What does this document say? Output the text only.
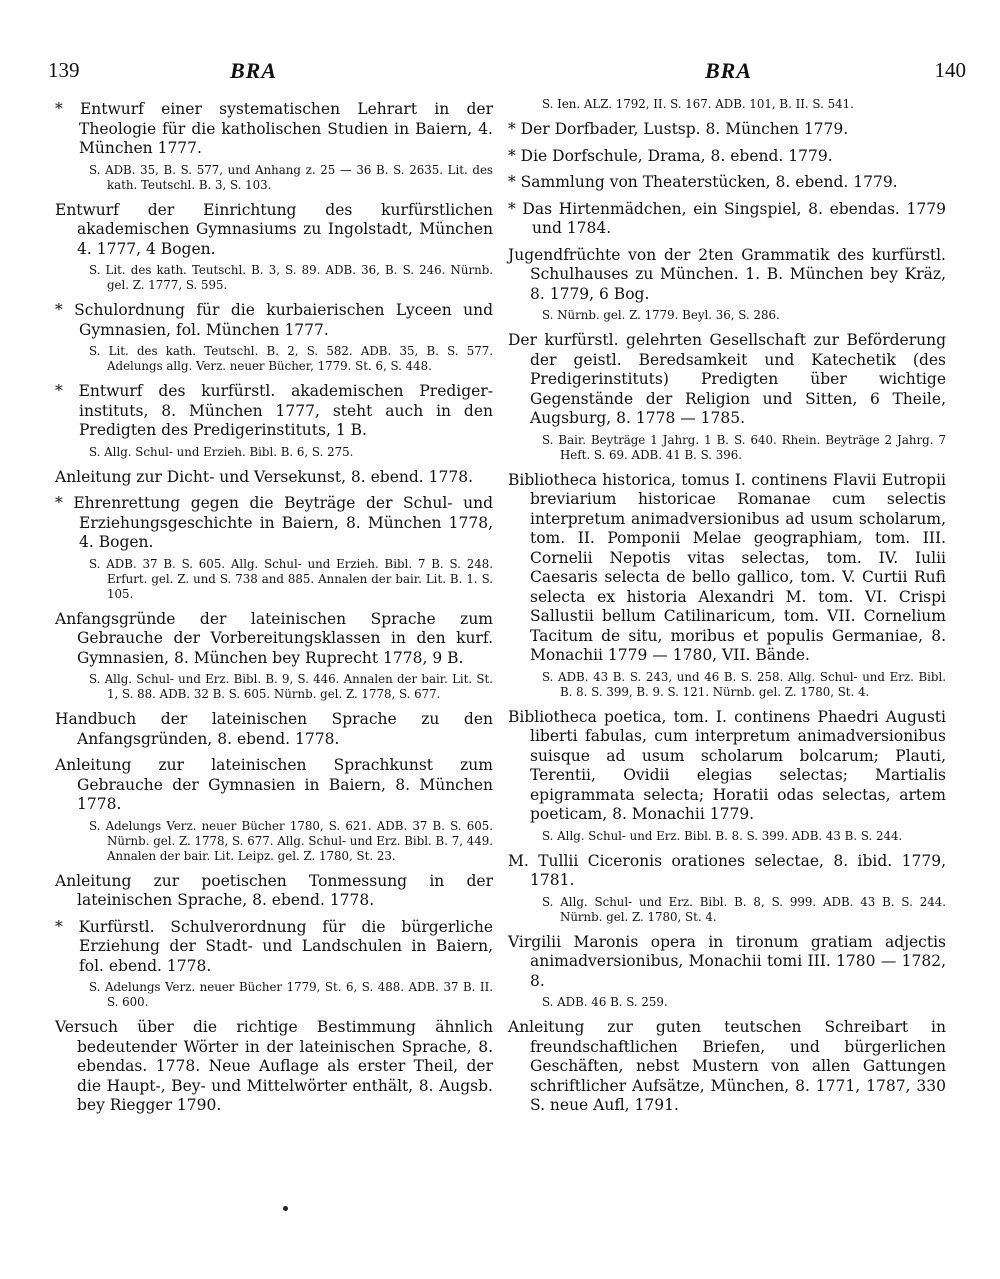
139	BRA	BRA	140

* Entwurf einer systematischen Lehrart in der Theologie für die katholischen Studien in Baiern, 4. München 1777.

S. ADB. 35, B. S. 577, und Anhang z. 25 — 36 B. S. 2635. Lit. des kath. Teutschl. B. 3, S. 103.

Entwurf der Einrichtung des kurfürstlichen akademischen Gymnasiums zu Ingolstadt, München 4. 1777, 4 Bogen.

S. Lit. des kath. Teutschl. B. 3, S. 89. ADB. 36, B. S. 246. Nürnb. gel. Z. 1777, S. 595.

* Schulordnung für die kurbaierischen Lyceen und Gymnasien, fol. München 1777.

S. Lit. des kath. Teutschl. B. 2, S. 582. ADB. 35, B. S. 577. Adelungs allg. Verz. neuer Bücher, 1779. St. 6, S. 448.

* Entwurf des kurfürstl. akademischen Prediger-instituts, 8. München 1777, steht auch in den Predigten des Predigerinstituts, 1 B.

S. Allg. Schul- und Erzieh. Bibl. B. 6, S. 275.

Anleitung zur Dicht- und Versekunst, 8. ebend. 1778.

* Ehrenrettung gegen die Beyträge der Schul- und Erziehungsgeschichte in Baiern, 8. München 1778, 4. Bogen.

S. ADB. 37 B. S. 605. Allg. Schul- und Erzieh. Bibl. 7 B. S. 248. Erfurt. gel. Z. und S. 738 and 885. Annalen der bair. Lit. B. 1. S. 105.

Anfangsgründe der lateinischen Sprache zum Gebrauche der Vorbereitungsklassen in den kurf. Gymnasien, 8. München bey Ruprecht 1778, 9 B.

S. Allg. Schul- und Erz. Bibl. B. 9, S. 446. Annalen der bair. Lit. St. 1, S. 88. ADB. 32 B. S. 605. Nürnb. gel. Z. 1778, S. 677.

Handbuch der lateinischen Sprache zu den Anfangsgründen, 8. ebend. 1778.

Anleitung zur lateinischen Sprachkunst zum Gebrauche der Gymnasien in Baiern, 8. München 1778.

S. Adelungs Verz. neuer Bücher 1780, S. 621. ADB. 37 B. S. 605. Nürnb. gel. Z. 1778, S. 677. Allg. Schul- und Erz. Bibl. B. 7, 449. Annalen der bair. Lit. Leipz. gel. Z. 1780, St. 23.

Anleitung zur poetischen Tonmessung in der lateinischen Sprache, 8. ebend. 1778.

* Kurfürstl. Schulverordnung für die bürgerliche Erziehung der Stadt- und Landschulen in Baiern, fol. ebend. 1778.

S. Adelungs Verz. neuer Bücher 1779, St. 6, S. 488. ADB. 37 B. II. S. 600.

Versuch über die richtige Bestimmung ähnlich bedeutender Wörter in der lateinischen Sprache, 8. ebendas. 1778. Neue Auflage als erster Theil, der die Haupt-, Bey- und Mittelwörter enthält, 8. Augsb. bey Riegger 1790.

S. Ien. ALZ. 1792, II. S. 167. ADB. 101, B. II. S. 541.

* Der Dorfbader, Lustsp. 8. München 1779.

* Die Dorfschule, Drama, 8. ebend. 1779.

* Sammlung von Theaterstücken, 8. ebend. 1779.

* Das Hirtenmädchen, ein Singspiel, 8. ebendas. 1779 und 1784.

Jugendfrüchte von der 2ten Grammatik des kurfürstl. Schulhauses zu München. 1. B. München bey Kräz, 8. 1779, 6 Bog.

S. Nürnb. gel. Z. 1779. Beyl. 36, S. 286.

Der kurfürstl. gelehrten Gesellschaft zur Beförderung der geistl. Beredsamkeit und Katechetik (des Predigerinstituts) Predigten über wichtige Gegenstände der Religion und Sitten, 6 Theile, Augsburg, 8. 1778 — 1785.

S. Bair. Beyträge 1 Jahrg. 1 B. S. 640. Rhein. Beyträge 2 Jahrg. 7 Heft. S. 69. ADB. 41 B. S. 396.

Bibliotheca historica, tomus I. continens Flavii Eutropii breviarium historicae Romanae cum selectis interpretum animadversionibus ad usum scholarum, tom. II. Pomponii Melae geographiam, tom. III. Cornelii Nepotis vitas selectas, tom. IV. Iulii Caesaris selecta de bello gallico, tom. V. Curtii Rufi selecta ex historia Alexandri M. tom. VI. Crispi Sallustii bellum Catilinaricum, tom. VII. Cornelium Tacitum de situ, moribus et populis Germaniae, 8. Monachii 1779 — 1780, VII. Bände.

S. ADB. 43 B. S. 243, und 46 B. S. 258. Allg. Schul- und Erz. Bibl. B. 8. S. 399, B. 9. S. 121. Nürnb. gel. Z. 1780, St. 4.

Bibliotheca poetica, tom. I. continens Phaedri Augusti liberti fabulas, cum interpretum animadversionibus suisque ad usum scholarum bolcarum; Plauti, Terentii, Ovidii elegias selectas; Martialis epigrammata selecta; Horatii odas selectas, artem poeticam, 8. Monachii 1779.

S. Allg. Schul- und Erz. Bibl. B. 8. S. 399. ADB. 43 B. S. 244.

M. Tullii Ciceronis orationes selectae, 8. ibid. 1779, 1781.

S. Allg. Schul- und Erz. Bibl. B. 8, S. 999. ADB. 43 B. S. 244. Nürnb. gel. Z. 1780, St. 4.

Virgilii Maronis opera in tironum gratiam adjectis animadversionibus, Monachii tomi III. 1780 — 1782, 8.

S. ADB. 46 B. S. 259.

Anleitung zur guten teutschen Schreibart in freundschaftlichen Briefen, und bürgerlichen Geschäften, nebst Mustern von allen Gattungen schriftlicher Aufsätze, München, 8. 1771, 1787, 330 S. neue Aufl, 1791.
